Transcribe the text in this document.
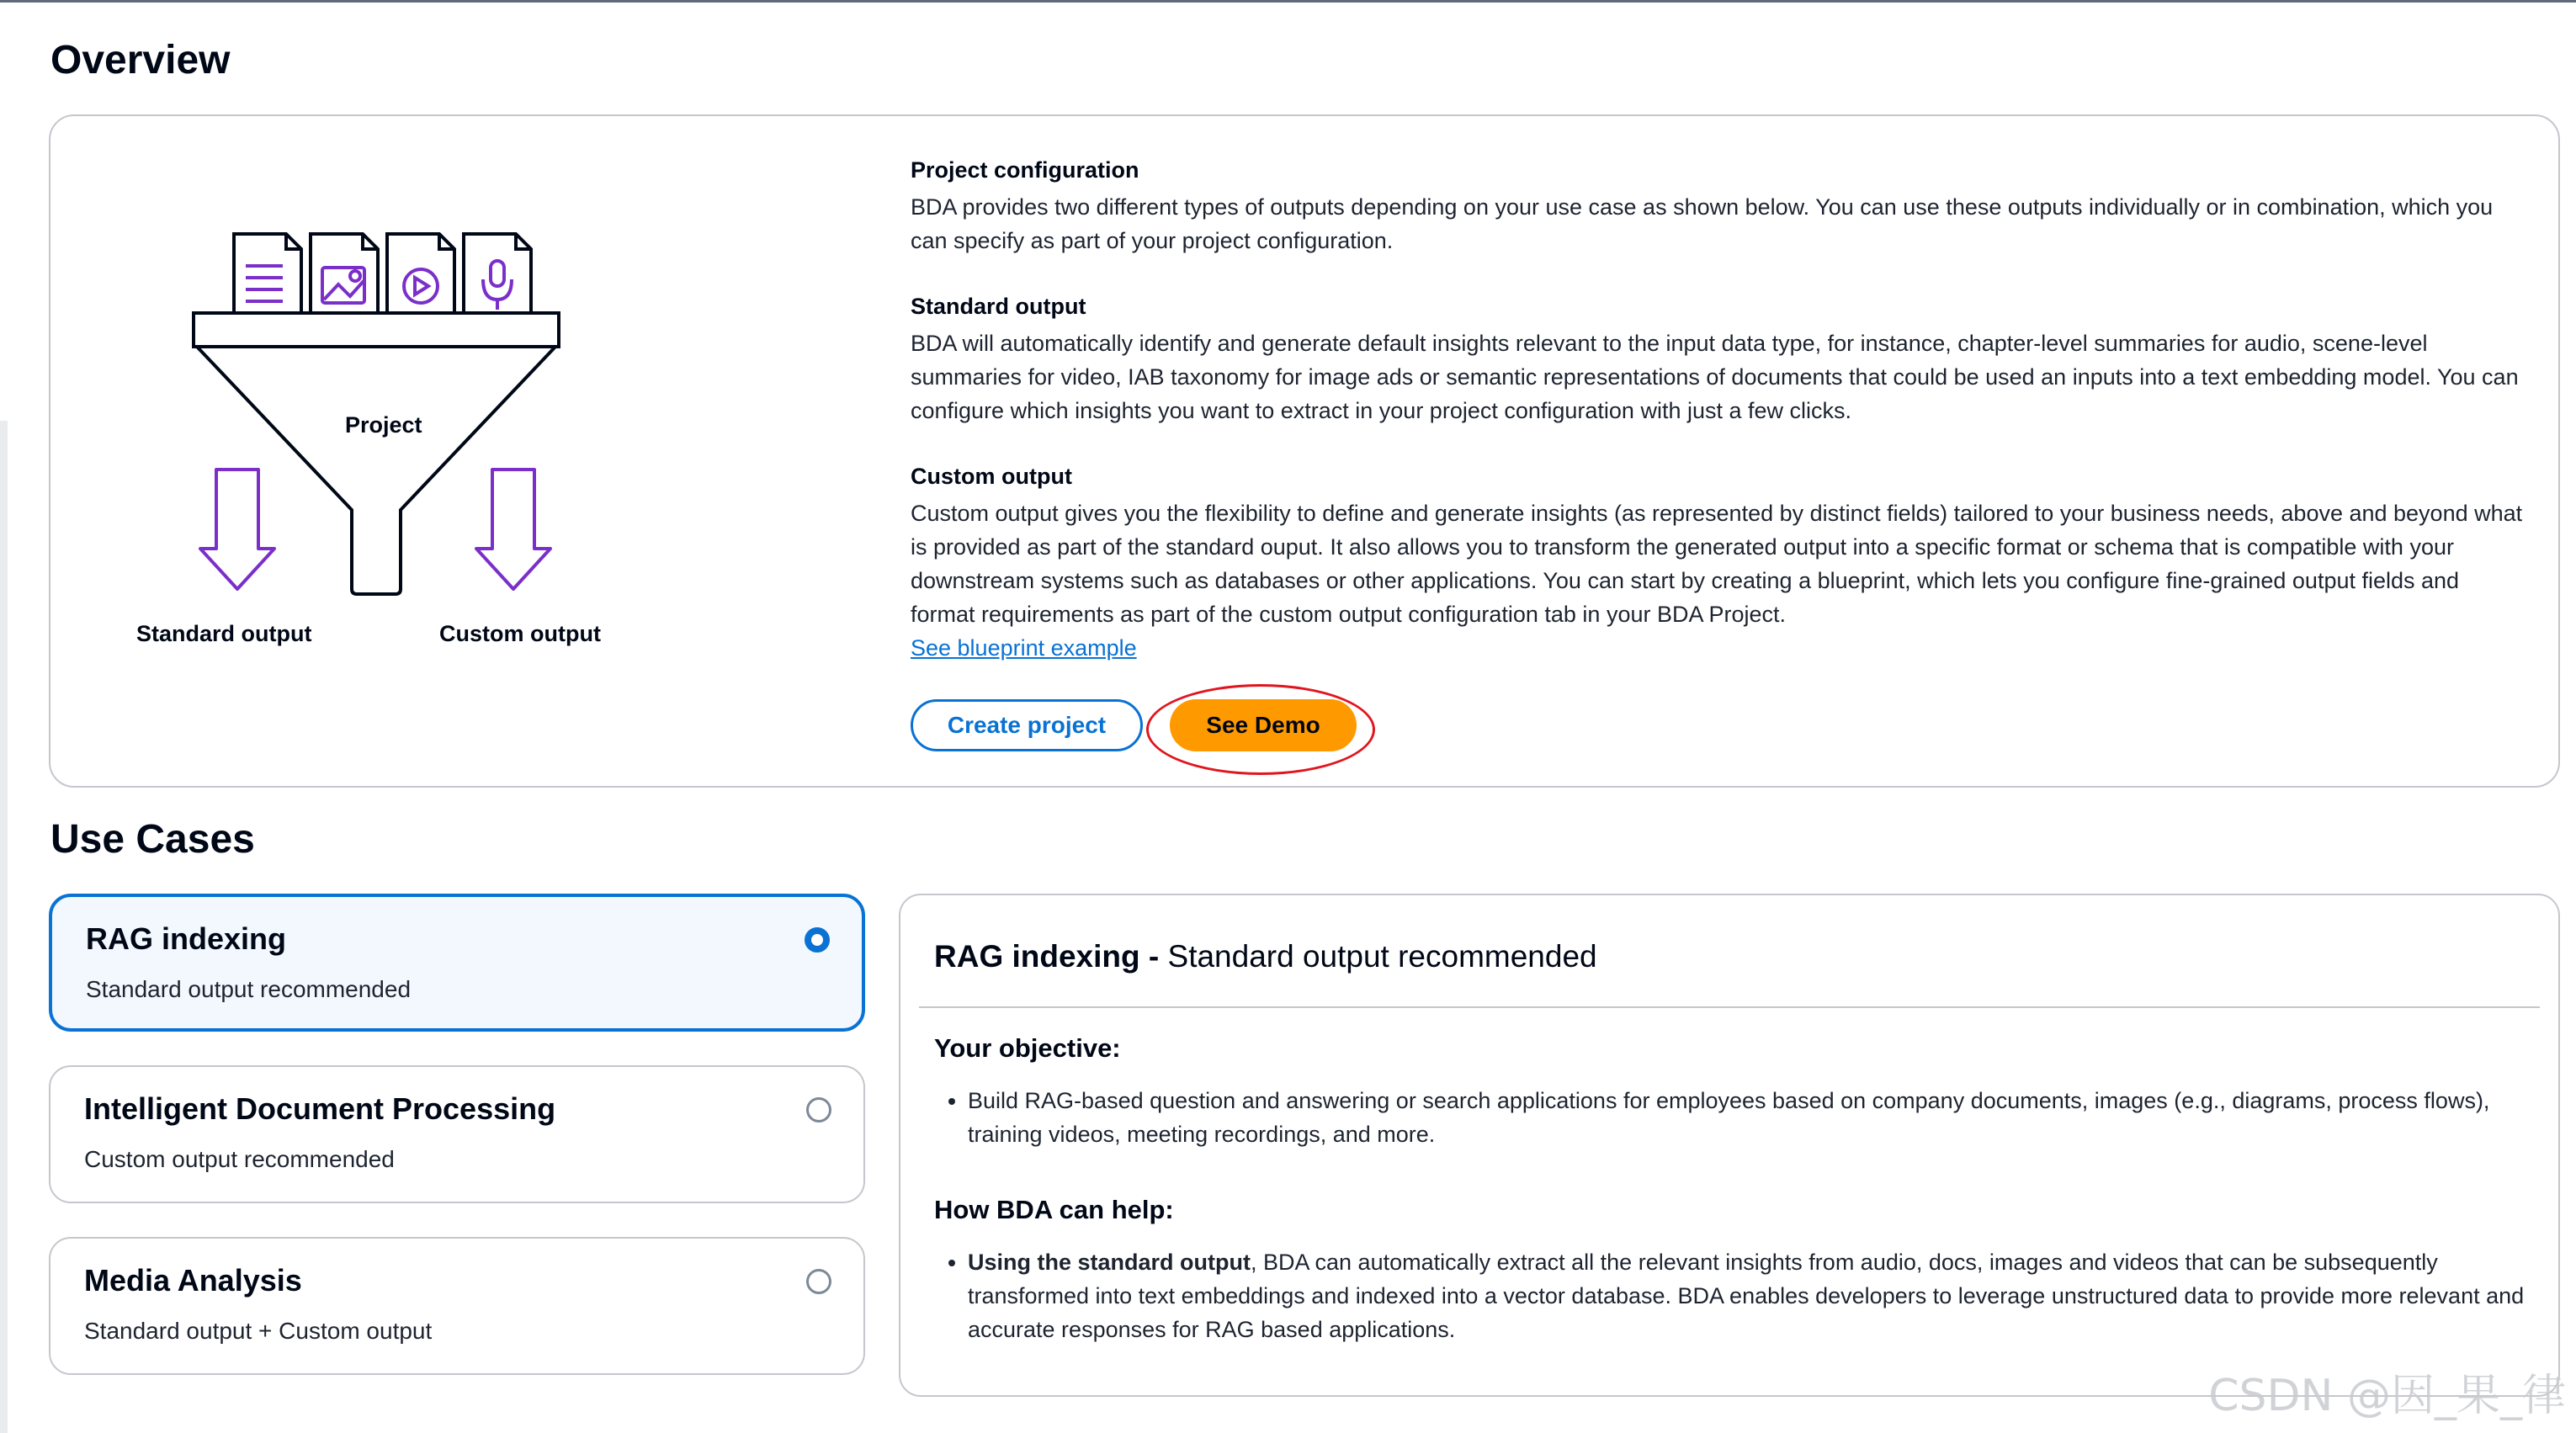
Overview
Project
Standard output	Custom output
Project configuration

BDA provides two different types of outputs depending on your use case as shown below. You can use these outputs individually or in combination, which you can specify as part of your project configuration.

Standard output

BDA will automatically identify and generate default insights relevant to the input data type, for instance, chapter-level summaries for audio, scene-level summaries for video, IAB taxonomy for image ads or semantic representations of documents that could be used an inputs into a text embedding model. You can configure which insights you want to extract in your project configuration with just a few clicks.

Custom output

Custom output gives you the flexibility to define and generate insights (as represented by distinct fields) tailored to your business needs, above and beyond what is provided as part of the standard ouput. It also allows you to transform the generated output into a specific format or schema that is compatible with your downstream systems such as databases or other applications. You can start by creating a blueprint, which lets you configure fine-grained output fields and format requirements as part of the custom output configuration tab in your BDA Project.

See blueprint example
Create project	See Demo
Use Cases
RAG indexing
Standard output recommended
Intelligent Document Processing
Custom output recommended
Media Analysis
Standard output + Custom output
RAG indexing - Standard output recommended
Your objective:
• Build RAG-based question and answering or search applications for employees based on company documents, images (e.g., diagrams, process flows), training videos, meeting recordings, and more.
How BDA can help:
• Using the standard output, BDA can automatically extract all the relevant insights from audio, docs, images and videos that can be subsequently transformed into text embeddings and indexed into a vector database. BDA enables developers to leverage unstructured data to provide more relevant and accurate responses for RAG based applications.
CSDN @因_果_律
